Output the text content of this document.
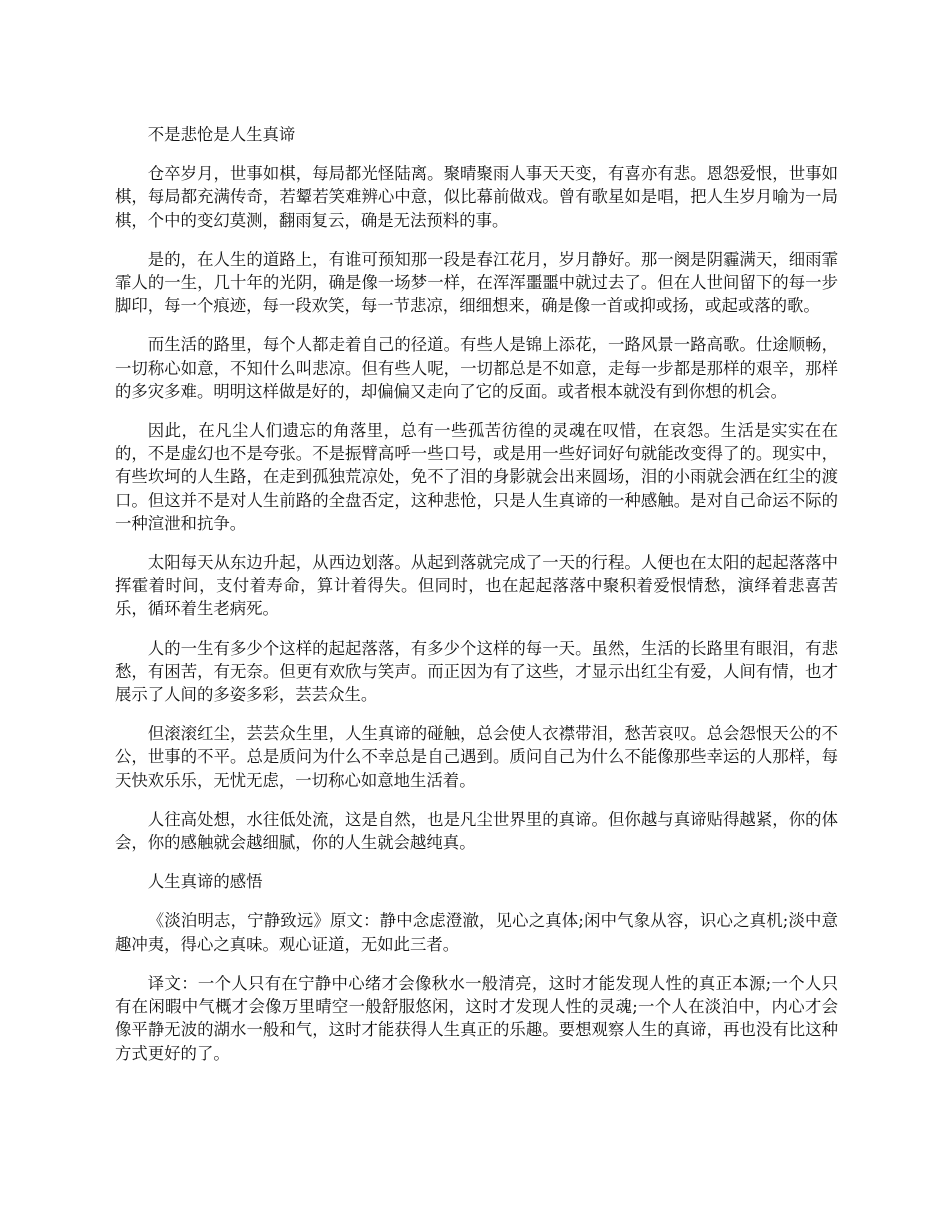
不是悲怆是人生真谛

仓卒岁月，世事如棋，每局都光怪陆离。聚晴聚雨人事天天变，有喜亦有悲。恩怨爱恨，世事如棋，每局都充满传奇，若颦若笑难辨心中意，似比幕前做戏。曾有歌星如是唱，把人生岁月喻为一局棋，个中的变幻莫测，翻雨复云，确是无法预料的事。

是的，在人生的道路上，有谁可预知那一段是春江花月，岁月静好。那一阕是阴霾满天，细雨霏霏人的一生，几十年的光阴，确是像一场梦一样，在浑浑噩噩中就过去了。但在人世间留下的每一步脚印，每一个痕迹，每一段欢笑，每一节悲凉，细细想来，确是像一首或抑或扬，或起或落的歌。

而生活的路里，每个人都走着自己的径道。有些人是锦上添花，一路风景一路高歌。仕途顺畅，一切称心如意，不知什么叫悲凉。但有些人呢，一切都总是不如意，走每一步都是那样的艰辛，那样的多灾多难。明明这样做是好的，却偏偏又走向了它的反面。或者根本就没有到你想的机会。

因此，在凡尘人们遗忘的角落里，总有一些孤苦彷徨的灵魂在叹惜，在哀怨。生活是实实在在的，不是虚幻也不是夸张。不是振臂高呼一些口号，或是用一些好词好句就能改变得了的。现实中，有些坎坷的人生路，在走到孤独荒凉处，免不了泪的身影就会出来圆场，泪的小雨就会洒在红尘的渡口。但这并不是对人生前路的全盘否定，这种悲怆，只是人生真谛的一种感触。是对自己命运不际的一种渲泄和抗争。

太阳每天从东边升起，从西边划落。从起到落就完成了一天的行程。人便也在太阳的起起落落中挥霍着时间，支付着寿命，算计着得失。但同时，也在起起落落中聚积着爱恨情愁，演绎着悲喜苦乐，循环着生老病死。

人的一生有多少个这样的起起落落，有多少个这样的每一天。虽然，生活的长路里有眼泪，有悲愁，有困苦，有无奈。但更有欢欣与笑声。而正因为有了这些，才显示出红尘有爱，人间有情，也才展示了人间的多姿多彩，芸芸众生。

但滚滚红尘，芸芸众生里，人生真谛的碰触，总会使人衣襟带泪，愁苦哀叹。总会怨恨天公的不公，世事的不平。总是质问为什么不幸总是自己遇到。质问自己为什么不能像那些幸运的人那样，每天快欢乐乐，无忧无虑，一切称心如意地生活着。

人往高处想，水往低处流，这是自然，也是凡尘世界里的真谛。但你越与真谛贴得越紧，你的体会，你的感触就会越细腻，你的人生就会越纯真。

人生真谛的感悟

《淡泊明志，宁静致远》原文：静中念虑澄澈，见心之真体;闲中气象从容，识心之真机;淡中意趣冲夷，得心之真味。观心证道，无如此三者。

译文：一个人只有在宁静中心绪才会像秋水一般清亮，这时才能发现人性的真正本源;一个人只有在闲暇中气概才会像万里晴空一般舒服悠闲，这时才发现人性的灵魂;一个人在淡泊中，内心才会像平静无波的湖水一般和气，这时才能获得人生真正的乐趣。要想观察人生的真谛，再也没有比这种方式更好的了。
